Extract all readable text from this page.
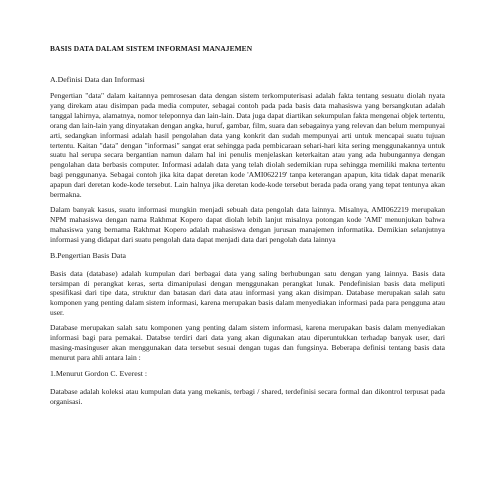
BASIS DATA DALAM SISTEM INFORMASI MANAJEMEN
A.Definisi Data dan Informasi

Pengertian "data" dalam kaitannya pemrosesan data dengan sistem terkomputerisasi adalah fakta tentang sesuatu diolah nyata yang direkam atau disimpan pada media computer, sebagai contoh pada pada basis data mahasiswa yang bersangkutan adalah tanggal lahirnya, alamatnya, nomor teleponnya dan lain-lain. Data juga dapat diartikan sekumpulan fakta mengenai objek tertentu, orang dan lain-lain yang dinyatakan dengan angka, huruf, gambar, film, suara dan sebagainya yang relevan dan belum mempunyai arti, sedangkan informasi adalah hasil pengolahan data yang konkrit dan sudah mempunyai arti untuk mencapai suatu tujuan tertentu. Kaitan "data" dengan "informasi" sangat erat sehingga pada pembicaraan sehari-hari kita sering menggunakannya untuk suatu hal serupa secara bergantian namun dalam hal ini penulis menjelaskan keterkaitan atau yang ada hubungannya dengan pengolahan data berbasis computer. Informasi adalah data yang telah diolah sedemikian rupa sehingga memiliki makna tertentu bagi penggunanya. Sebagai contoh jika kita dapat deretan kode 'AMI062219' tanpa keterangan apapun, kita tidak dapat menarik apapun dari deretan kode-kode tersebut. Lain halnya jika deretan kode-kode tersebut berada pada orang yang tepat tentunya akan bermakna.

Dalam banyak kasus, suatu informasi mungkin menjadi sebuah data pengolah data lainnya. Misalnya, AMI062219 merupakan NPM mahasiswa dengan nama Rakhmat Kopero dapat diolah lebih lanjut misalnya potongan kode 'AMI' menunjukan bahwa mahasiswa yang bernama Rakhmat Kopero adalah mahasiswa dengan jurusan manajemen informatika. Demikian selanjutnya informasi yang didapat dari suatu pengolah data dapat menjadi data dari pengolah data lainnya

B.Pengertian Basis Data

Basis data (database) adalah kumpulan dari berbagai data yang saling berhubungan satu dengan yang lainnya. Basis data tersimpan di perangkat keras, serta dimanipulasi dengan menggunakan perangkat lunak. Pendefinisian basis data meliputi spesifikasi dari tipe data, struktur dan batasan dari data atau informasi yang akan disimpan. Database merupakan salah satu komponen yang penting dalam sistem informasi, karena merupakan basis dalam menyediakan informasi pada para pengguna atau user.

Database merupakan salah satu komponen yang penting dalam sistem informasi, karena merupakan basis dalam menyediakan informasi bagi para pemakai. Databse terdiri dari data yang akan digunakan atau diperuntukkan terhadap banyak user, dari masing-masinguser akan menggunakan data tersebut sesuai dengan tugas dan fungsinya. Beberapa definisi tentang basis data menurut para ahli antara lain :

1.Menurut Gordon C. Everest :

Database adalah koleksi atau kumpulan data yang mekanis, terbagi / shared, terdefinisi secara formal dan dikontrol terpusat pada organisasi.
